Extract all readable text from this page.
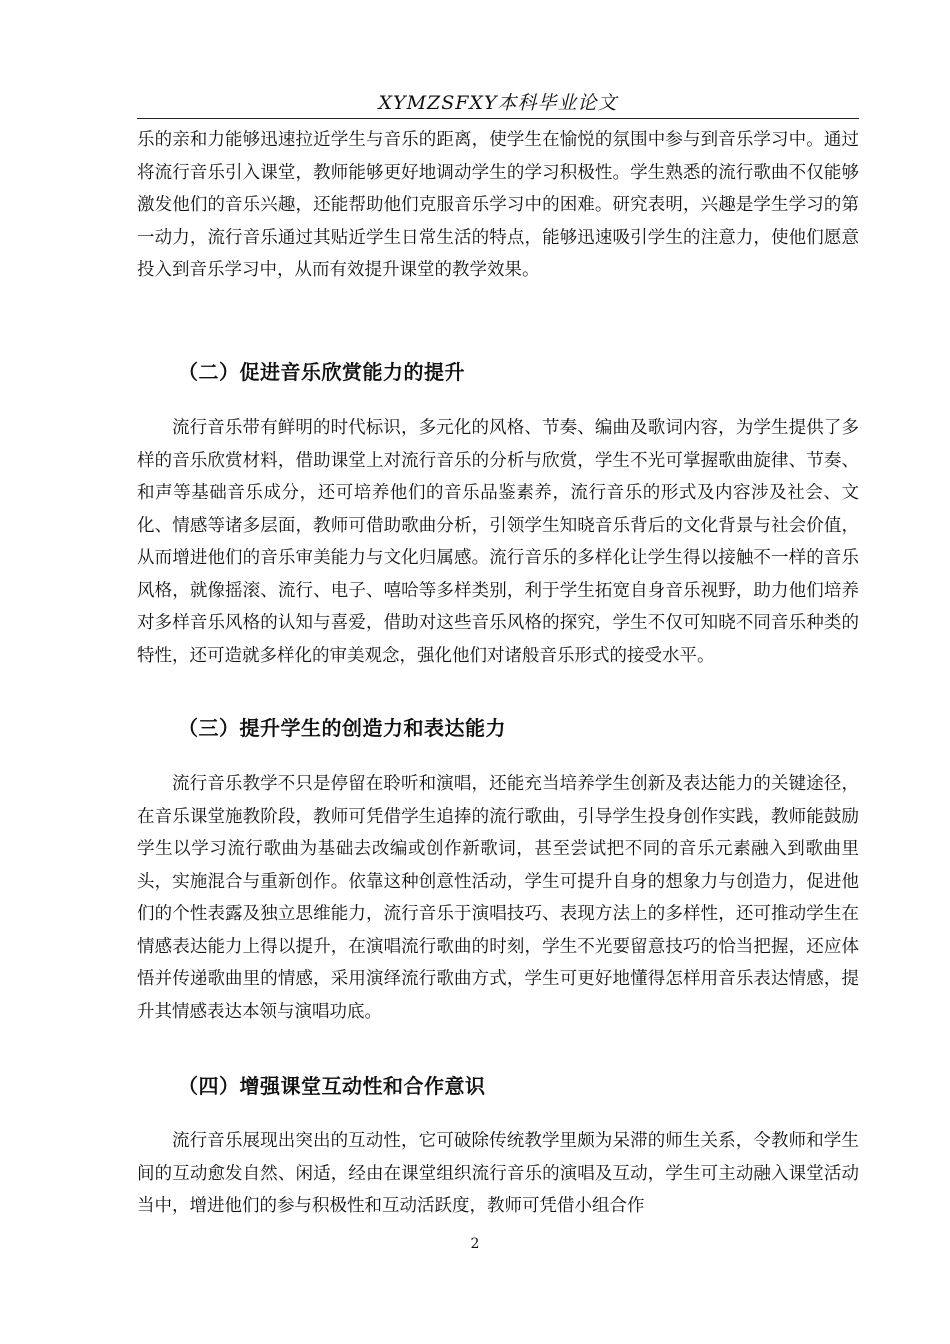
XYMZSFXY本科毕业论文

乐的亲和力能够迅速拉近学生与音乐的距离，使学生在愉悦的氛围中参与到音乐学习中。通过将流行音乐引入课堂，教师能够更好地调动学生的学习积极性。学生熟悉的流行歌曲不仅能够激发他们的音乐兴趣，还能帮助他们克服音乐学习中的困难。研究表明，兴趣是学生学习的第一动力，流行音乐通过其贴近学生日常生活的特点，能够迅速吸引学生的注意力，使他们愿意投入到音乐学习中，从而有效提升课堂的教学效果。

（二）促进音乐欣赏能力的提升

流行音乐带有鲜明的时代标识，多元化的风格、节奏、编曲及歌词内容，为学生提供了多样的音乐欣赏材料，借助课堂上对流行音乐的分析与欣赏，学生不光可掌握歌曲旋律、节奏、和声等基础音乐成分，还可培养他们的音乐品鉴素养，流行音乐的形式及内容涉及社会、文化、情感等诸多层面，教师可借助歌曲分析，引领学生知晓音乐背后的文化背景与社会价值，从而增进他们的音乐审美能力与文化归属感。流行音乐的多样化让学生得以接触不一样的音乐风格，就像摇滚、流行、电子、嘻哈等多样类别，利于学生拓宽自身音乐视野，助力他们培养对多样音乐风格的认知与喜爱，借助对这些音乐风格的探究，学生不仅可知晓不同音乐种类的特性，还可造就多样化的审美观念，强化他们对诸般音乐形式的接受水平。

（三）提升学生的创造力和表达能力

流行音乐教学不只是停留在聆听和演唱，还能充当培养学生创新及表达能力的关键途径，在音乐课堂施教阶段，教师可凭借学生追捧的流行歌曲，引导学生投身创作实践，教师能鼓励学生以学习流行歌曲为基础去改编或创作新歌词，甚至尝试把不同的音乐元素融入到歌曲里头，实施混合与重新创作。依靠这种创意性活动，学生可提升自身的想象力与创造力，促进他们的个性表露及独立思维能力，流行音乐于演唱技巧、表现方法上的多样性，还可推动学生在情感表达能力上得以提升，在演唱流行歌曲的时刻，学生不光要留意技巧的恰当把握，还应体悟并传递歌曲里的情感，采用演绎流行歌曲方式，学生可更好地懂得怎样用音乐表达情感，提升其情感表达本领与演唱功底。

（四）增强课堂互动性和合作意识

流行音乐展现出突出的互动性，它可破除传统教学里颇为呆滞的师生关系，令教师和学生间的互动愈发自然、闲适，经由在课堂组织流行音乐的演唱及互动，学生可主动融入课堂活动当中，增进他们的参与积极性和互动活跃度，教师可凭借小组合作

2
